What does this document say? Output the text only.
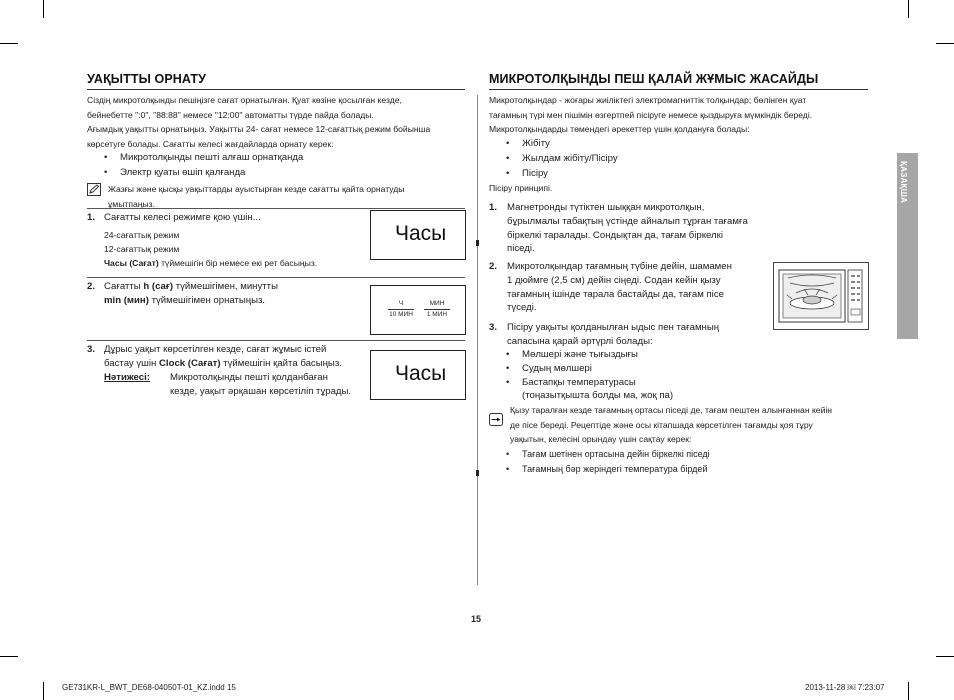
УАҚЫТТЫ ОРНАТУ
Сіздің микротолқынды пешіңізге сағат орнатылған. Қуат көзіне қосылған кезде,
бейнебетте ":0", "88:88" немесе "12:00" автоматты түрде пайда болады.
Ағымдық уақытты орнатыңыз. Уақытты 24- сағат немесе 12-сағаттық режим бойынша
көрсетуге болады. Сағатты келесі жағдайларда орнату керек:
• Микротолқынды пешті алғаш орнатқанда
• Электр қуаты өшіп қалғанда
Жазғы және қысқы уақыттарды ауыстырған кезде сағатты қайта орнатуды
ұмытпаңыз.
1. Сағатты келесі режимге қою үшін...
24-сағаттық режим
12-сағаттық режим
Часы (Сағат) түймешігін бір немесе екі рет басыңыз.
Часы
2. Сағатты h (сағ) түймешігімен, минутты
min (мин) түймешігімен орнатыңыз.	Ч
10 МИН
МИН
1 МИН
3. Дұрыс уақыт көрсетілген кезде, сағат жұмыс істей
бастау үшін Clock (Сағат) түймешігін қайта басыңыз.
Нәтижесі: Микротолқынды пешті қолданбаған
кезде, уақыт әрқашан көрсетіліп тұрады.
Часы
МИКРОТОЛҚЫНДЫ ПЕШ ҚАЛАЙ ЖҰМЫС ЖАСАЙДЫ
Микротолқындар - жоғары жиіліктегі электромагниттік толқындар; бөлінген қуат
тағамның түрі мен пішімін өзгертпей пісіруге немесе қыздыруға мүмкіндік береді.
Микротолқындарды төмендегі әрекеттер үшін қолдануға болады:
• Жібіту
• Жылдам жібіту/Пісіру
• Пісіру
Пісіру принципі.
1. Магнетронды түтіктен шыққан микротолқын,
бұрылмалы табақтың үстінде айналып тұрған тағамға
біркелкі таралады. Сондықтан да, тағам біркелкі
піседі.
2. Микротолқындар тағамның түбіне дейін, шамамен
1 дюймге (2,5 см) дейін сіңеді. Содан кейін қызу
тағамның ішінде тарала бастайды да, тағам пісе
түседі.
3. Пісіру уақыты қолданылған ыдыс пен тағамның
сапасына қарай әртүрлі болады:
• Мөлшері және тығыздығы
• Судың мөлшері
• Бастапқы температурасы
(тоңазытқышта болды ма, жоқ па)
Қызу таралған кезде тағамның ортасы піседі де, тағам пештен алынғаннан кейін
де пісе береді. Рецептіде және осы кітапшада көрсетілген тағамды қоя тұру
уақытын, келесіні орындау үшін сақтау керек:
• Тағам шетінен ортасына дейін біркелкі піседі
• Тағамның бәр жеріндегі температура бірдей
ҚАЗАҚША
15
GE731KR-L_BWT_DE68-04050T-01_KZ.indd 15	2013-11-28 ￼ 7:23:07
